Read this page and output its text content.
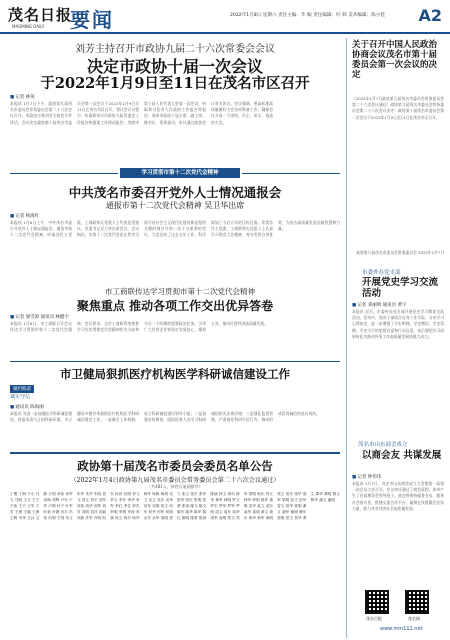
茂名日报
MAOMING DAILY 要闻	2022年1月8日 星期六 责任主编：毕 编 责任编辑：叶 韩 美术编辑：陈小桂 A2
刘芳主持召开市政协九届二十六次常委会会议
决定市政协十届一次会议
于2022年1月9日至11日在茂名市区召开
■ 记者 林英
本报讯 1月7日下午，政协第九届茂名市委员会常务委员会第二十六次会议召开。市政协主席刘芳主持会议并讲话。会议决定政协第十届茂名市委员会第一次会议于2022年1月9日至11日在茂名市区召开，建议会议议程为：听取和审议市政协九届常委会工作报告和提案工作情况报告；列席市第十届人民代表大会第一次会议，听取和讨论市人民政府工作报告等报告；选举市政协十届主席、副主席、秘书长、常务委员；审议通过政协会议有关决议。会议强调，要高标准高质量做好大会各项筹备工作，确保会议开成一个团结、民主、求实、奋进的大会。
关于召开中国人民政治协商会议茂名市第十届委员会第一次会议的决定
（2022年1月7日政协第九届茂名市委员会常务委员会第二十六次会议通过）政协第九届茂名市委员会常务委员会第二十六次会议决定：政协第十届茂名市委员会第一次会议于2022年1月9日至11日在茂名市区召开。
政协第九届茂名市委员会常务委员会 2022年1月7日
学习贯彻市第十二次党代会精神
中共茂名市委召开党外人士情况通报会
通报市第十二次党代会精神 吴卫华出席
■ 记者 杨海红
本报讯 1月6日上午，中共茂名市委召开党外人士情况通报会，通报市第十二次党代会精神，听取各民主党派、工商联和无党派人士代表意见建议。市委书记吴卫华出席会议。会议指出，市第十二次党代会是在我市全面开启社会主义现代化建设新征程的关键时刻召开的一次十分重要的会议，大会总结了过去五年工作，科学谋划了今后五年的目标任务。希望各民主党派、工商联和无党派人士认真学习领会大会精神，充分发挥自身优势，为茂名高质量发展贡献智慧和力量。
市工商联传达学习贯彻市第十二次党代会精神
聚焦重点 推动各项工作交出优异答卷
■ 记者 梁雪姣 通讯员 林健宇
本报讯 1月6日，市工商联召开会议传达学习贯彻市第十二次党代会精神。会议要求，全市工商联系统要把学习宣传贯彻党代会精神作为当前和今后一个时期的重要政治任务，引导广大民营企业家坚定发展信心，聚焦主业，推动民营经济高质量发展。
市委外办党支部
开展党史学习交流活动
■ 记者 邓丽明 通讯员 黄宇
本报讯 近日，市委外办党支部开展党史学习教育交流活动。活动中，党员干部结合自身工作实际，分享学习心得体会，进一步增强了学史明理、学史增信、学史崇德、学史力行的思想自觉和行动自觉，表示要把学习成果转化为推动外事工作高质量发展的强大动力。
市卫健局狠抓医疗机构医学科研诚信建设工作
履约践诺
诚实守信
■ 通讯员 陈海丽
本报讯 为进一步加强医学科研诚信建设，营造风清气正的科研环境，市卫健局多措并举狠抓医疗机构医学科研诚信建设工作。一是健全工作机制，成立科研诚信建设领导小组；二是加强宣传教育，组织医务人员学习科研诚信相关法律法规；三是强化监督管理，严肃查处科研失信行为，推动形成崇尚诚信的良好风尚。
茂名市山东商会成立
以商会友 共谋发展
■ 记者 钟伟伟
本报讯 1月7日，茂名市山东商会成立大会暨第一届第一次会员大会召开。会议审议通过了商会章程，选举产生了首届理事会领导班子。商会将秉持服务会员、服务社会的宗旨，搭建交流合作平台，凝聚在茂鲁籍企业家力量，助力茂名经济社会高质量发展。
茂名日报	茂名网
www.mm111.net
政协第十届茂名市委员会委员名单公告
（2022年1月4日政协第九届茂名市委员会常务委员会第二十六次会议通过）
（共481人，按姓氏笔画排序）
丁俊 丁海 于小 马力 马明 王文 王宁 王伟 王兴 王军 王芳 王勇 王健 王海 王辉 韦华 文兵 文静 方明 邓伟 邓军 邓海 邓辉 卢东 卢华 卢明 叶宁 叶军 叶新 叶静 田丰 冯伟 冯明 宁国 朱文 朱军 朱华 朱明 刘飞 刘文 刘平 刘东 刘伟 刘华 刘军 刘芳 刘明 刘洋 刘斌 刘新 许军 许明 阮东 孙伟 杜明 李飞 李文 李东 李华 李军 李红 李芳 李杰 李明 李勇 李涛 李斌 杨文 杨东 杨华 杨军 杨帆 杨明 吴卫 吴文 吴东 吴华 吴军 吴明 何文 何东 何华 何军 何明 余东 余华 邹明 张力 张文 张东 张华 张军 张红 张明 张勇 张涛 陈飞 陈文 陈东 陈华 陈军 陈红 陈明 陈勇 陈涛 陈斌 林文 林东 林华 林军 林明 罗文 罗东 罗华 罗军 罗明 周文 周东 周华 周军 庞明 郑文 郑华 郑明 柯东 钟文 钟华 钟明 姚军 秦明 袁华 莫文 莫东 莫华 莫明 黄文 黄东 黄华 黄军 黄明 梁文 梁东 梁华 梁军 梁明 彭文 彭华 曾文 曾华 曾明 谢文 谢华 谢明 赖东 詹明 蔡文 蔡华 谭文 谭华 谭明 黎文 黎华 潘文 潘明
